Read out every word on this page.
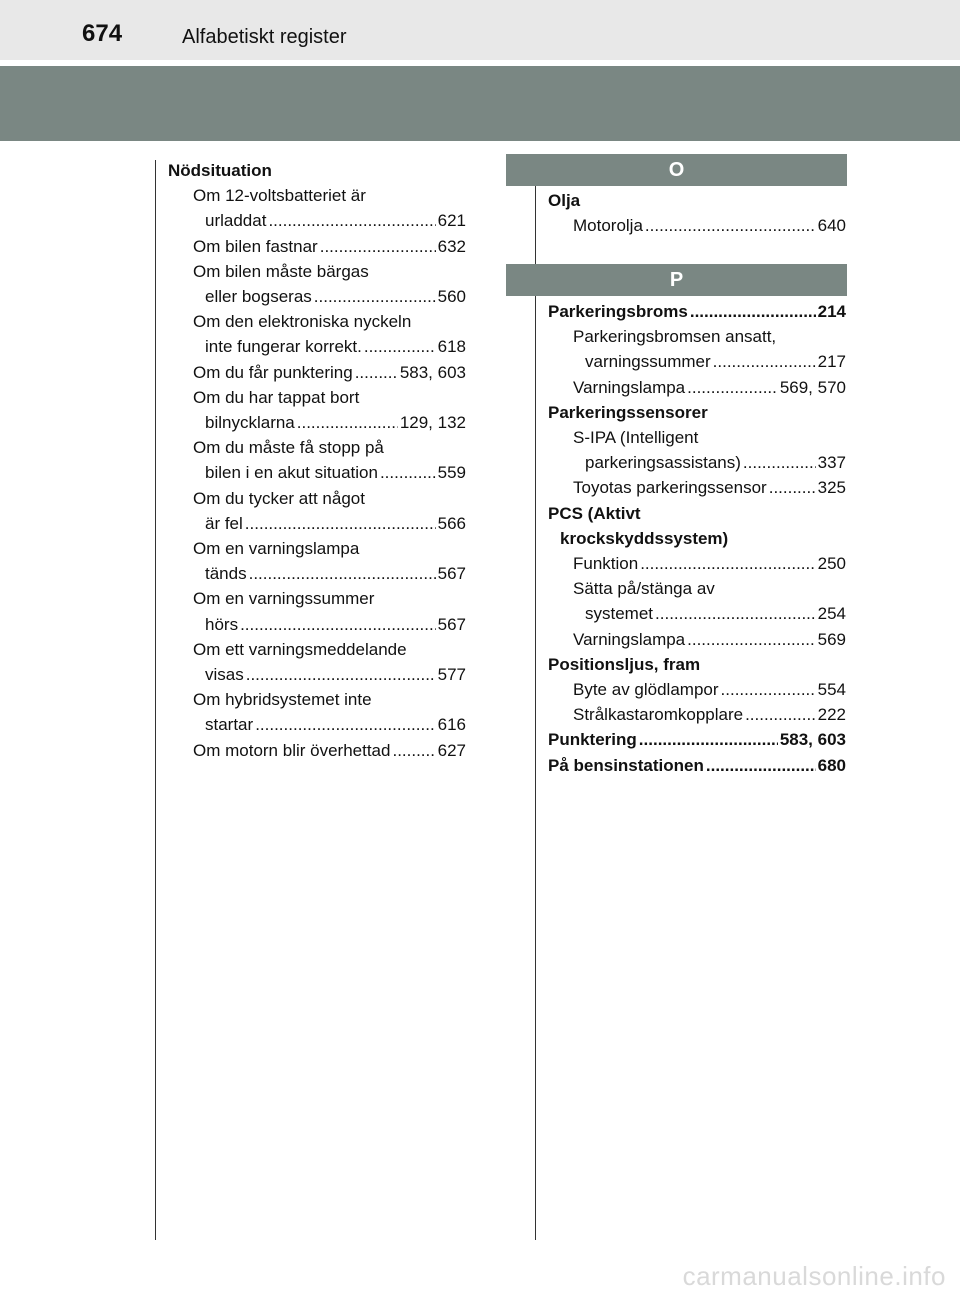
674	Alfabetiskt register
Nödsituation
Om 12-voltsbatteriet är
urladdat .....	621
Om bilen fastnar .....	632
Om bilen måste bärgas
eller bogseras .....	560
Om den elektroniska nyckeln
inte fungerar korrekt. .....	618
Om du får punktering .....	583, 603
Om du har tappat bort
bilnycklarna .....	129, 132
Om du måste få stopp på
bilen i en akut situation .....	559
Om du tycker att något
är fel .....	566
Om en varningslampa
tänds .....	567
Om en varningssummer
hörs .....	567
Om ett varningsmeddelande
visas .....	577
Om hybridsystemet inte
startar .....	616
Om motorn blir överhettad .....	627
O
Olja
Motorolja .....	640
P
Parkeringsbroms .....	214
Parkeringsbromsen ansatt,
varningssummer .....	217
Varningslampa .....	569, 570
Parkeringssensorer
S-IPA (Intelligent
parkeringsassistans) .....	337
Toyotas parkeringssensor .....	325
PCS (Aktivt
krockskyddssystem)
Funktion .....	250
Sätta på/stänga av
systemet .....	254
Varningslampa .....	569
Positionsljus, fram
Byte av glödlampor .....	554
Strålkastaromkopplare .....	222
Punktering .....	583, 603
På bensinstationen .....	680
carmanualsonline.info
